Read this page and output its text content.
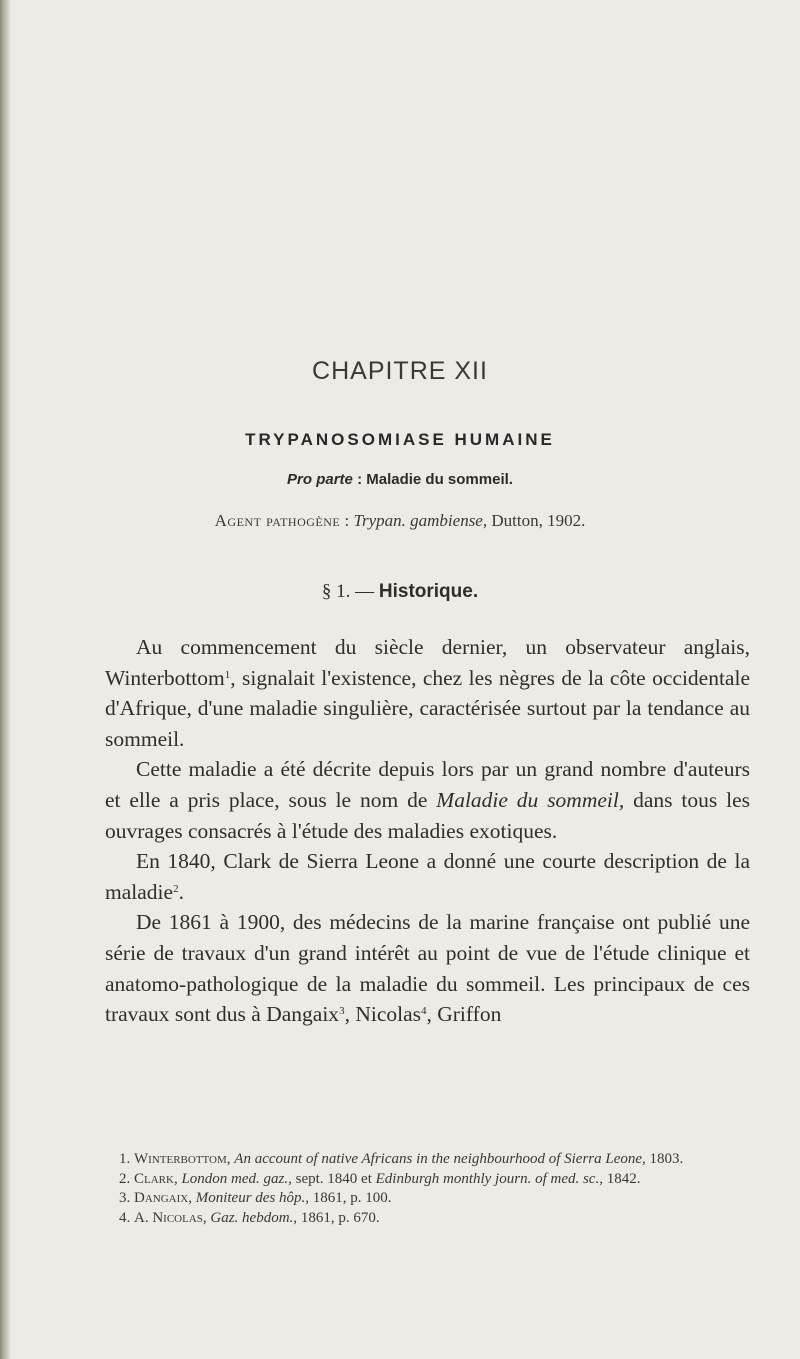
CHAPITRE XII
TRYPANOSOMIASE HUMAINE
Pro parte : Maladie du sommeil.
Agent pathogène : Trypan. gambiense, Dutton, 1902.
§ 1. — Historique.

Au commencement du siècle dernier, un observateur anglais, Winterbottom$^1$, signalait l'existence, chez les nègres de la côte occidentale d'Afrique, d'une maladie singulière, caractérisée surtout par la tendance au sommeil.

Cette maladie a été décrite depuis lors par un grand nombre d'auteurs et elle a pris place, sous le nom de Maladie du sommeil, dans tous les ouvrages consacrés à l'étude des maladies exotiques.

En 1840, Clark de Sierra Leone a donné une courte description de la maladie$^2$.

De 1861 à 1900, des médecins de la marine française ont publié une série de travaux d'un grand intérêt au point de vue de l'étude clinique et anatomo-pathologique de la maladie du sommeil. Les principaux de ces travaux sont dus à Dangaix$^3$, Nicolas$^4$, Griffon

1. Winterbottom, An account of native Africans in the neighbourhood of Sierra Leone, 1803.

2. Clark, London med. gaz., sept. 1840 et Edinburgh monthly journ. of med. sc., 1842.

3. Dangaix, Moniteur des hôp., 1861, p. 100.

4. A. Nicolas, Gaz. hebdom., 1861, p. 670.
